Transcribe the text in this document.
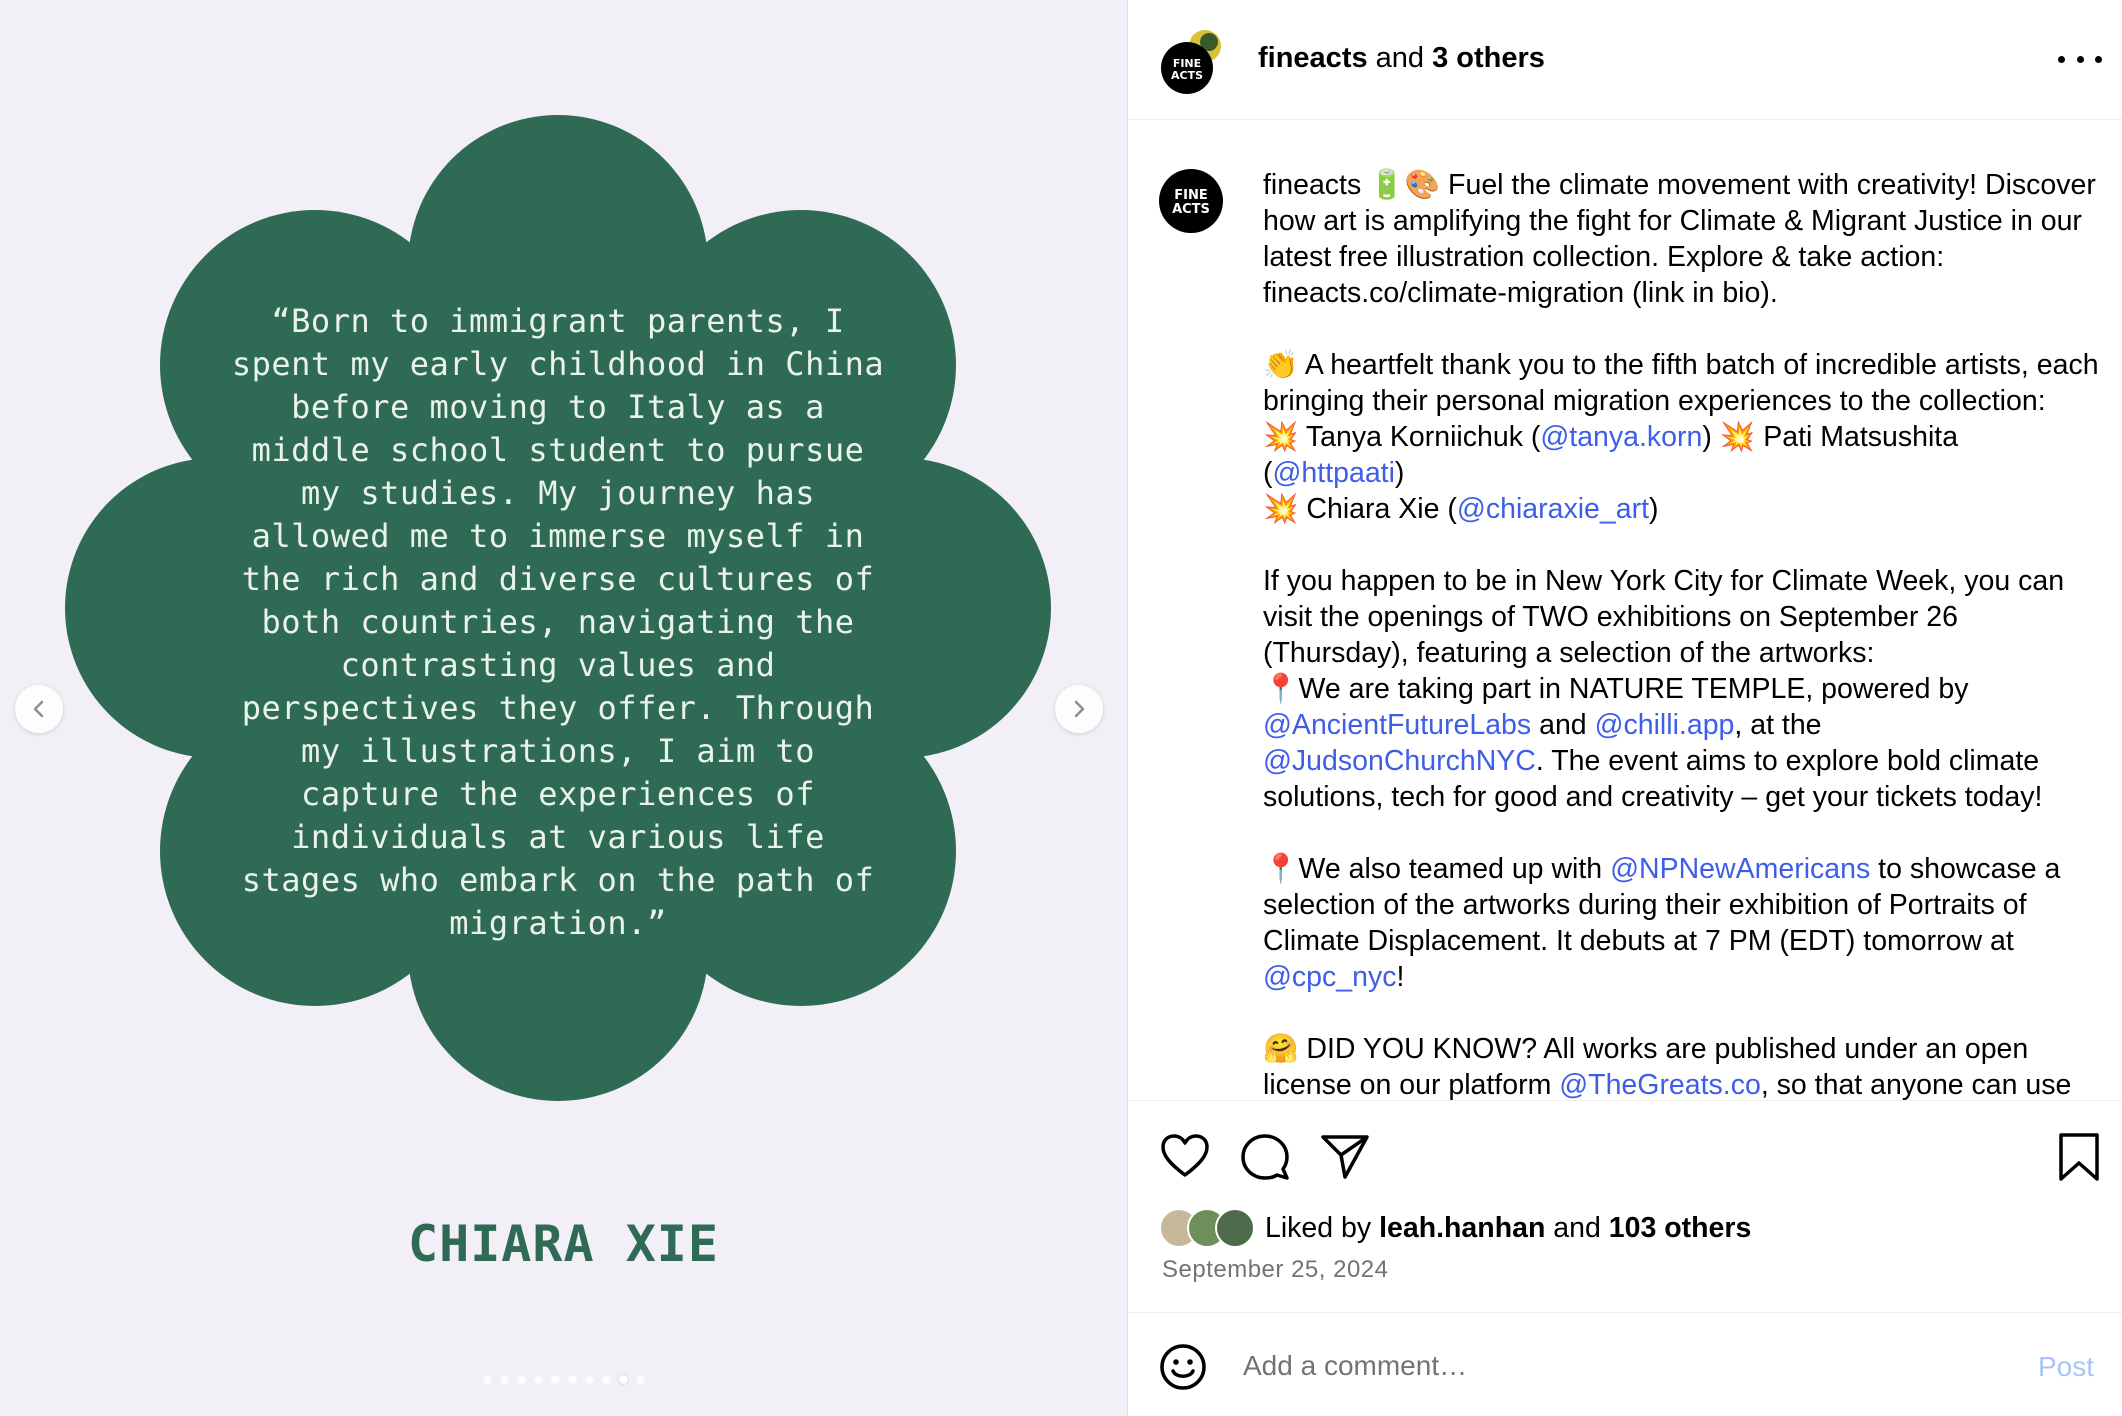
“Born to immigrant parents, I
spent my early childhood in China
before moving to Italy as a
middle school student to pursue
my studies. My journey has
allowed me to immerse myself in
the rich and diverse cultures of
both countries, navigating the
contrasting values and
perspectives they offer. Through
my illustrations, I aim to
capture the experiences of
individuals at various life
stages who embark on the path of
migration.”
CHIARA XIE
FINE
ACTS
fineacts and 3 others
FINE
ACTS

fineacts 🔋🎨 Fuel the climate movement with creativity! Discover how art is amplifying the fight for Climate & Migrant Justice in our latest free illustration collection. Explore & take action: fineacts.co/climate-migration (link in bio).

👏 A heartfelt thank you to the fifth batch of incredible artists, each bringing their personal migration experiences to the collection:

💥 Tanya Korniichuk (@tanya.korn) 💥 Pati Matsushita (@httpaati)
💥 Chiara Xie (@chiaraxie_art)

If you happen to be in New York City for Climate Week, you can visit the openings of TWO exhibitions on September 26 (Thursday), featuring a selection of the artworks:

📍We are taking part in NATURE TEMPLE, powered by @AncientFutureLabs and @chilli.app, at the @JudsonChurchNYC. The event aims to explore bold climate solutions, tech for good and creativity – get your tickets today!

📍We also teamed up with @NPNewAmericans to showcase a selection of the artworks during their exhibition of Portraits of Climate Displacement. It debuts at 7 PM (EDT) tomorrow at @cpc_nyc!

🤗 DID YOU KNOW? All works are published under an open license on our platform @TheGreats.co, so that anyone can use

Liked by leah.hanhan and 103 others
September 25, 2024
Add a comment…
Post
